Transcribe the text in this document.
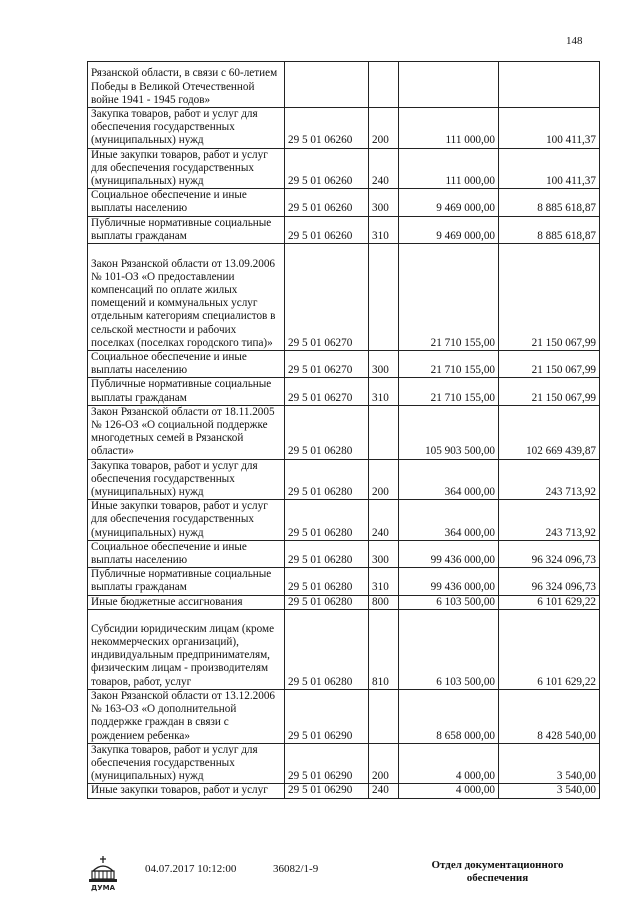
148
Рязанской области, в связи с 60-летием Победы в Великой Отечественной войне 1941 - 1945 годов»				
Закупка товаров, работ и услуг для обеспечения государственных (муниципальных) нужд	29 5 01 06260	200	111 000,00	100 411,37
Иные закупки товаров, работ и услуг для обеспечения государственных (муниципальных) нужд	29 5 01 06260	240	111 000,00	100 411,37
Социальное обеспечение и иные выплаты населению	29 5 01 06260	300	9 469 000,00	8 885 618,87
Публичные нормативные социальные выплаты гражданам	29 5 01 06260	310	9 469 000,00	8 885 618,87
Закон Рязанской области от 13.09.2006 № 101-ОЗ «О предоставлении компенсаций по оплате жилых помещений и коммунальных услуг отдельным категориям специалистов в сельской местности и рабочих поселках (поселках городского типа)»	29 5 01 06270		21 710 155,00	21 150 067,99
Социальное обеспечение и иные выплаты населению	29 5 01 06270	300	21 710 155,00	21 150 067,99
Публичные нормативные социальные выплаты гражданам	29 5 01 06270	310	21 710 155,00	21 150 067,99
Закон Рязанской области от 18.11.2005 № 126-ОЗ «О социальной поддержке многодетных семей в Рязанской области»	29 5 01 06280		105 903 500,00	102 669 439,87
Закупка товаров, работ и услуг для обеспечения государственных (муниципальных) нужд	29 5 01 06280	200	364 000,00	243 713,92
Иные закупки товаров, работ и услуг для обеспечения государственных (муниципальных) нужд	29 5 01 06280	240	364 000,00	243 713,92
Социальное обеспечение и иные выплаты населению	29 5 01 06280	300	99 436 000,00	96 324 096,73
Публичные нормативные социальные выплаты гражданам	29 5 01 06280	310	99 436 000,00	96 324 096,73
Иные бюджетные ассигнования	29 5 01 06280	800	6 103 500,00	6 101 629,22
Субсидии юридическим лицам (кроме некоммерческих организаций), индивидуальным предпринимателям, физическим лицам - производителям товаров, работ, услуг	29 5 01 06280	810	6 103 500,00	6 101 629,22
Закон Рязанской области от 13.12.2006 № 163-ОЗ «О дополнительной поддержке граждан в связи с рождением ребенка»	29 5 01 06290		8 658 000,00	8 428 540,00
Закупка товаров, работ и услуг для обеспечения государственных (муниципальных) нужд	29 5 01 06290	200	4 000,00	3 540,00
Иные закупки товаров, работ и услуг	29 5 01 06290	240	4 000,00	3 540,00
ДУМА
04.07.2017 10:12:00	36082/1-9	Отдел документационного
обеспечения
